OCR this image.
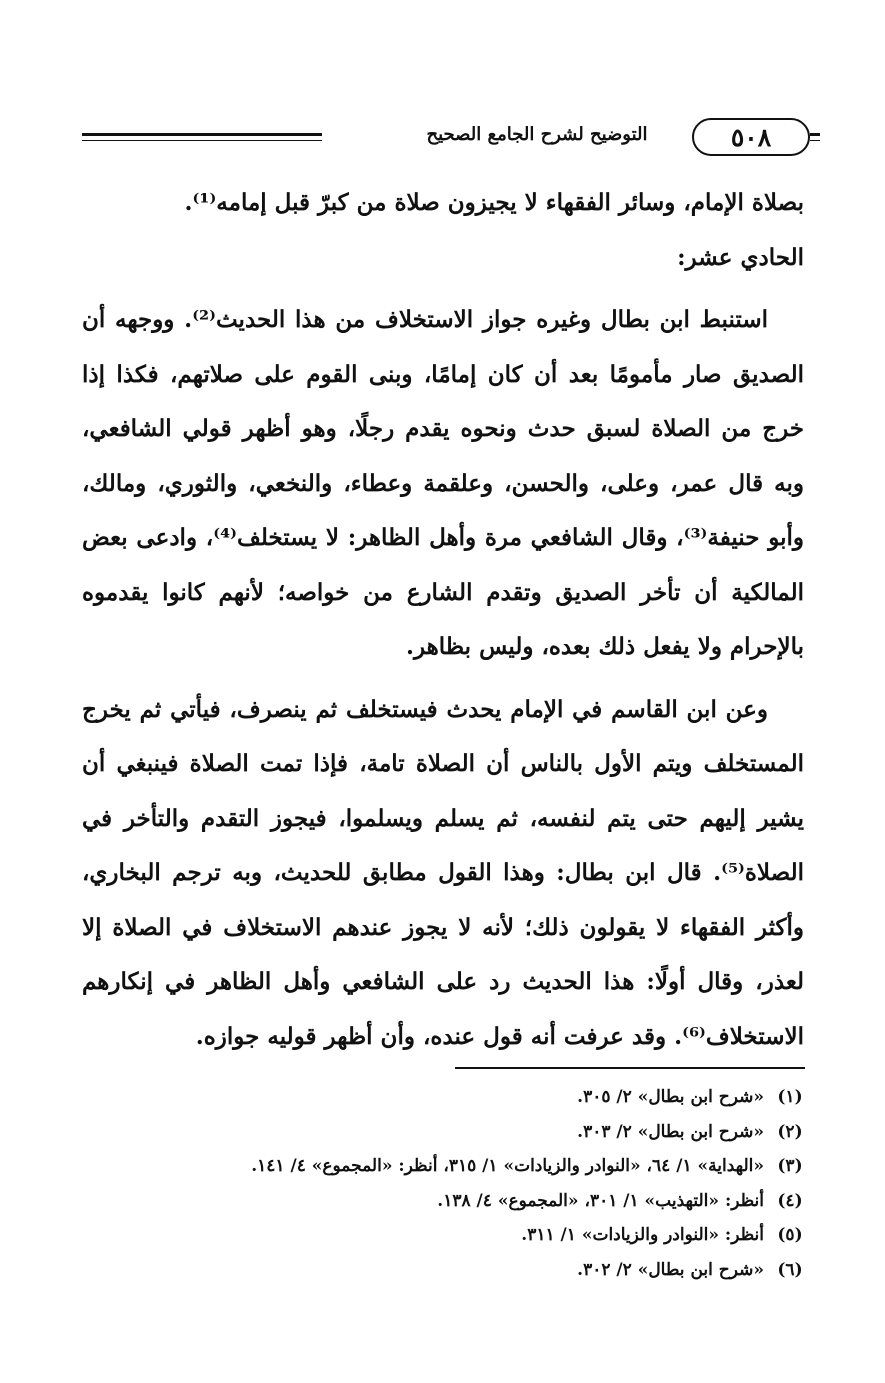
التوضيح لشرح الجامع الصحيح	٥٠٨

بصلاة الإمام، وسائر الفقهاء لا يجيزون صلاة من كبرّ قبل إمامه⁽¹⁾.

الحادي عشر:

استنبط ابن بطال وغيره جواز الاستخلاف من هذا الحديث⁽²⁾. ووجهه أن الصديق صار مأمومًا بعد أن كان إمامًا، وبنى القوم على صلاتهم، فكذا إذا خرج من الصلاة لسبق حدث ونحوه يقدم رجلًا، وهو أظهر قولي الشافعي، وبه قال عمر، وعلى، والحسن، وعلقمة وعطاء، والنخعي، والثوري، ومالك، وأبو حنيفة⁽³⁾، وقال الشافعي مرة وأهل الظاهر: لا يستخلف⁽⁴⁾، وادعى بعض المالكية أن تأخر الصديق وتقدم الشارع من خواصه؛ لأنهم كانوا يقدموه بالإحرام ولا يفعل ذلك بعده، وليس بظاهر.

وعن ابن القاسم في الإمام يحدث فيستخلف ثم ينصرف، فيأتي ثم يخرج المستخلف ويتم الأول بالناس أن الصلاة تامة، فإذا تمت الصلاة فينبغي أن يشير إليهم حتى يتم لنفسه، ثم يسلم ويسلموا، فيجوز التقدم والتأخر في الصلاة⁽⁵⁾. قال ابن بطال: وهذا القول مطابق للحديث، وبه ترجم البخاري، وأكثر الفقهاء لا يقولون ذلك؛ لأنه لا يجوز عندهم الاستخلاف في الصلاة إلا لعذر، وقال أولًا: هذا الحديث رد على الشافعي وأهل الظاهر في إنكارهم الاستخلاف⁽⁶⁾. وقد عرفت أنه قول عنده، وأن أظهر قوليه جوازه.

(١)
«شرح ابن بطال» ٢/ ٣٠٥.
(٢)
«شرح ابن بطال» ٢/ ٣٠٣.
(٣)
«الهداية» ١/ ٦٤، «النوادر والزيادات» ١/ ٣١٥، أنظر: «المجموع» ٤/ ١٤١.
(٤)
أنظر: «التهذيب» ١/ ٣٠١، «المجموع» ٤/ ١٣٨.
(٥)
أنظر: «النوادر والزيادات» ١/ ٣١١.
(٦)
«شرح ابن بطال» ٢/ ٣٠٢.
